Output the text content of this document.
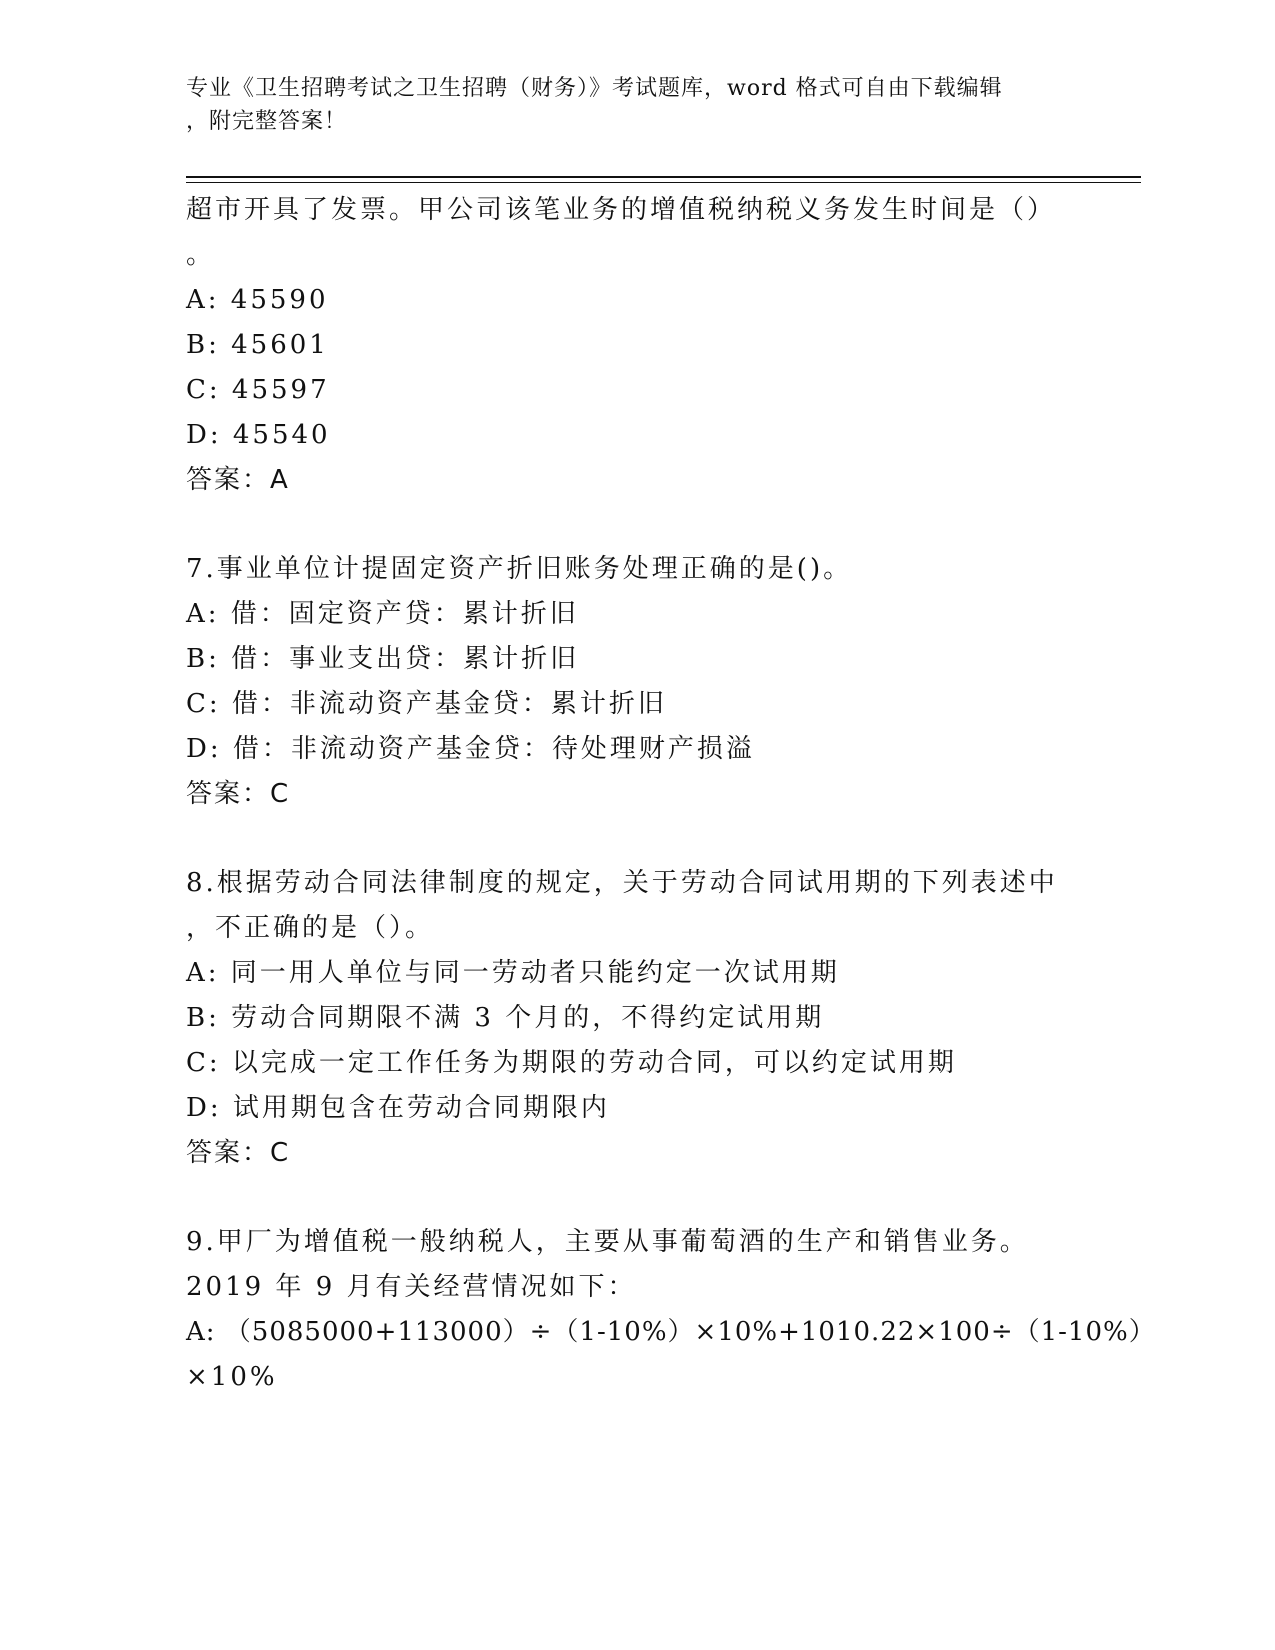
专业《卫生招聘考试之卫生招聘（财务）》考试题库，word 格式可自由下载编辑
，附完整答案！
超市开具了发票。甲公司该笔业务的增值税纳税义务发生时间是（）
。
A: 45590
B: 45601
C: 45597
D: 45540
答案：A
7.事业单位计提固定资产折旧账务处理正确的是()。
A: 借：固定资产贷：累计折旧
B: 借：事业支出贷：累计折旧
C: 借：非流动资产基金贷：累计折旧
D: 借：非流动资产基金贷：待处理财产损溢
答案：C
8.根据劳动合同法律制度的规定，关于劳动合同试用期的下列表述中
，不正确的是（）。
A: 同一用人单位与同一劳动者只能约定一次试用期
B: 劳动合同期限不满 3 个月的，不得约定试用期
C: 以完成一定工作任务为期限的劳动合同，可以约定试用期
D: 试用期包含在劳动合同期限内
答案：C
9.甲厂为增值税一般纳税人，主要从事葡萄酒的生产和销售业务。
2019 年 9 月有关经营情况如下：
A: （5085000+113000）÷（1-10%）×10%+1010.22×100÷（1-10%）
×10%
